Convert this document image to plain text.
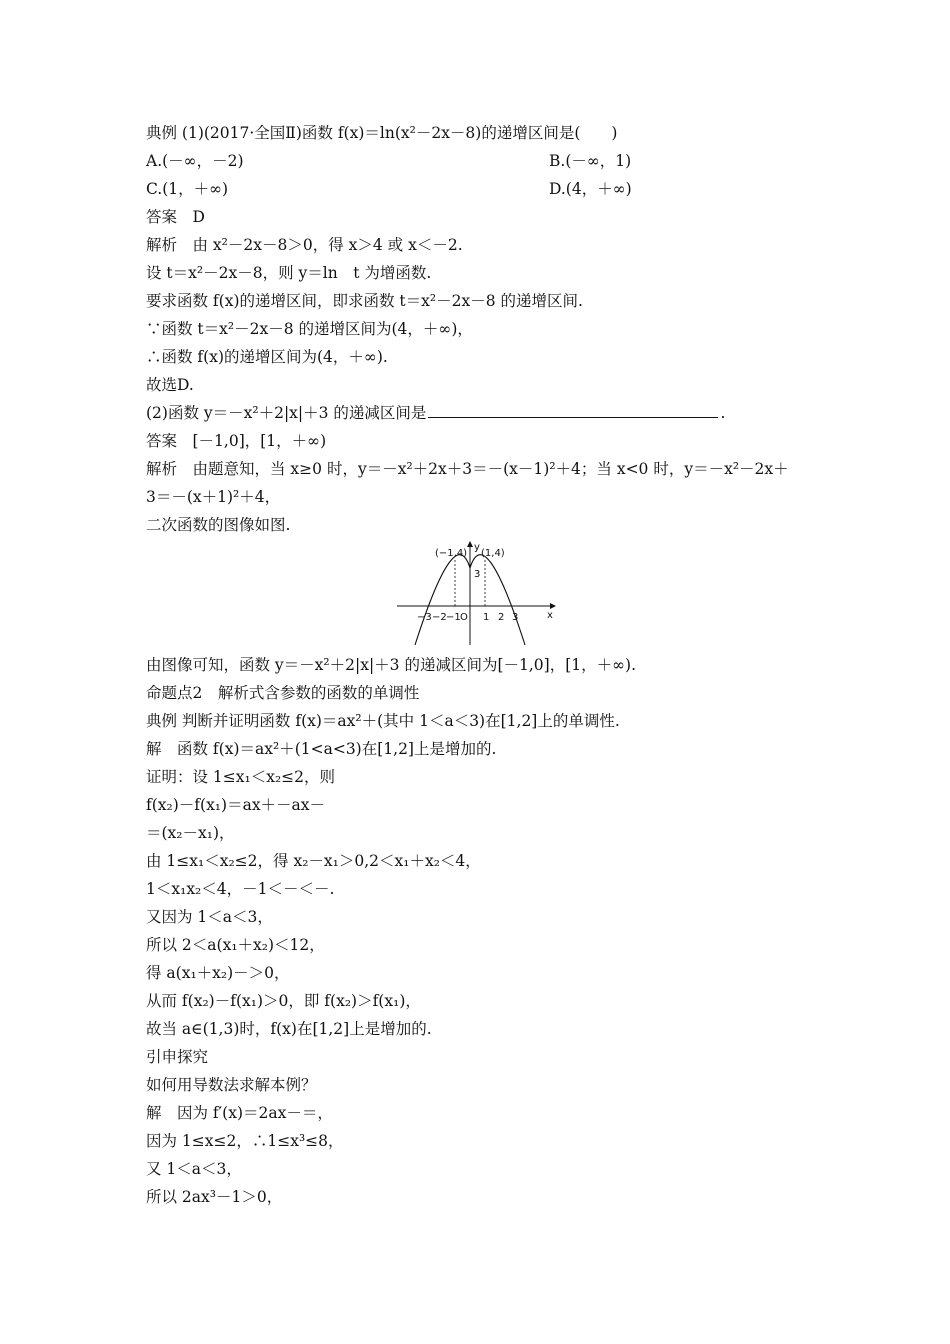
典例 (1)(2017·全国Ⅱ)函数 f(x)＝ln(x²－2x－8)的递增区间是(　　)
A.(－∞，－2)	B.(－∞，1)
C.(1，＋∞)	D.(4，＋∞)
答案　D
解析　由 x²－2x－8＞0，得 x＞4 或 x＜－2.
设 t＝x²－2x－8，则 y＝ln　t 为增函数.
要求函数 f(x)的递增区间，即求函数 t＝x²－2x－8 的递增区间.
∵函数 t＝x²－2x－8 的递增区间为(4，＋∞)，
∴函数 f(x)的递增区间为(4，＋∞).
故选D.
(2)函数 y＝－x²＋2|x|＋3 的递减区间是	.
答案　[－1,0]，[1，＋∞)
解析　由题意知，当 x≥0 时，y＝－x²＋2x＋3＝－(x－1)²＋4；当 x<0 时，y＝－x²－2x＋
3＝－(x＋1)²＋4，
二次函数的图像如图.
(−1,4) (1,4)
y
x
3
O
−3 −2 −1 1 2 3
由图像可知，函数 y＝－x²＋2|x|＋3 的递减区间为[－1,0]，[1，＋∞).
命题点2　解析式含参数的函数的单调性
典例 判断并证明函数 f(x)＝ax²＋(其中 1＜a＜3)在[1,2]上的单调性.
解　函数 f(x)＝ax²＋(1<a<3)在[1,2]上是增加的.
证明：设 1≤x₁＜x₂≤2，则
f(x₂)－f(x₁)＝ax＋－ax－
＝(x₂－x₁)，
由 1≤x₁＜x₂≤2，得 x₂－x₁＞0,2＜x₁＋x₂＜4，
1＜x₁x₂＜4，－1＜－＜－.
又因为 1＜a＜3，
所以 2＜a(x₁＋x₂)＜12，
得 a(x₁＋x₂)－＞0，
从而 f(x₂)－f(x₁)＞0，即 f(x₂)＞f(x₁)，
故当 a∈(1,3)时，f(x)在[1,2]上是增加的.
引申探究
如何用导数法求解本例？
解　因为 f′(x)＝2ax－＝，
因为 1≤x≤2，∴1≤x³≤8，
又 1＜a＜3，
所以 2ax³－1＞0，
